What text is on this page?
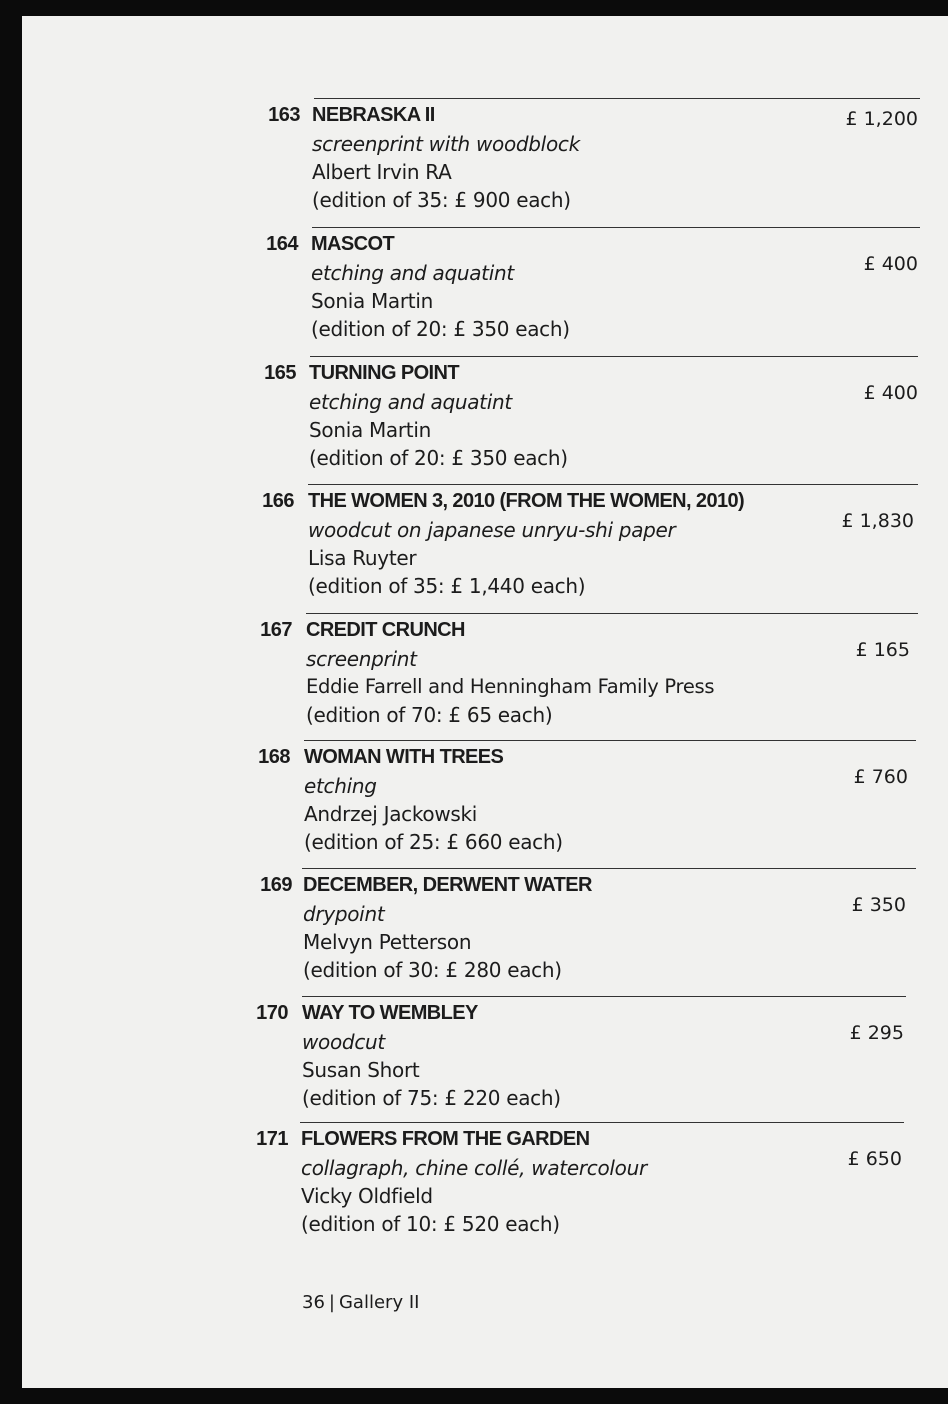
163 NEBRASKA II
screenprint with woodblock
Albert Irvin RA
(edition of 35: £ 900 each)
£ 1,200
164 MASCOT
etching and aquatint
Sonia Martin
(edition of 20: £ 350 each)
£ 400
165 TURNING POINT
etching and aquatint
Sonia Martin
(edition of 20: £ 350 each)
£ 400
166 THE WOMEN 3, 2010 (FROM THE WOMEN, 2010)
woodcut on japanese unryu-shi paper
Lisa Ruyter
(edition of 35: £ 1,440 each)
£ 1,830
167 CREDIT CRUNCH
screenprint
Eddie Farrell and Henningham Family Press
(edition of 70: £ 65 each)
£ 165
168 WOMAN WITH TREES
etching
Andrzej Jackowski
(edition of 25: £ 660 each)
£ 760
169 DECEMBER, DERWENT WATER
drypoint
Melvyn Petterson
(edition of 30: £ 280 each)
£ 350
170 WAY TO WEMBLEY
woodcut
Susan Short
(edition of 75: £ 220 each)
£ 295
171 FLOWERS FROM THE GARDEN
collagraph, chine collé, watercolour
Vicky Oldfield
(edition of 10: £ 520 each)
£ 650
36 | Gallery II
